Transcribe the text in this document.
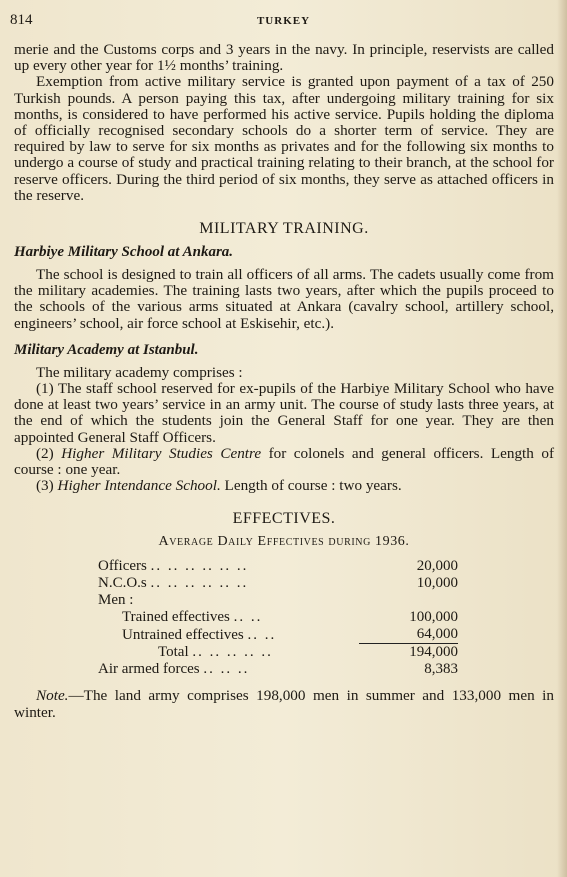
814	TURKEY

merie and the Customs corps and 3 years in the navy. In principle, reservists are called up every other year for 1½ months’ training.

Exemption from active military service is granted upon payment of a tax of 250 Turkish pounds. A person paying this tax, after undergoing military training for six months, is considered to have performed his active service. Pupils holding the diploma of officially recognised secondary schools do a shorter term of service. They are required by law to serve for six months as privates and for the following six months to undergo a course of study and practical training relating to their branch, at the school for reserve officers. During the third period of six months, they serve as attached officers in the reserve.

MILITARY TRAINING.
Harbiye Military School at Ankara.

The school is designed to train all officers of all arms. The cadets usually come from the military academies. The training lasts two years, after which the pupils proceed to the schools of the various arms situated at Ankara (cavalry school, artillery school, engineers’ school, air force school at Eskisehir, etc.).

Military Academy at Istanbul.

The military academy comprises :

(1) The staff school reserved for ex-pupils of the Harbiye Military School who have done at least two years’ service in an army unit. The course of study lasts three years, at the end of which the students join the General Staff for one year. They are then appointed General Staff Officers.

(2) Higher Military Studies Centre for colonels and general officers. Length of course : one year.

(3) Higher Intendance School. Length of course : two years.

EFFECTIVES.
Average Daily Effectives during 1936.
Officers .. .. .. .. .. ..	20,000
N.C.O.s .. .. .. .. .. ..	10,000
Men :	
Trained effectives .. ..	100,000
Untrained effectives .. ..	64,000
Total .. .. .. .. ..	194,000
Air armed forces .. .. ..	8,383

Note.—The land army comprises 198,000 men in summer and 133,000 men in winter.
